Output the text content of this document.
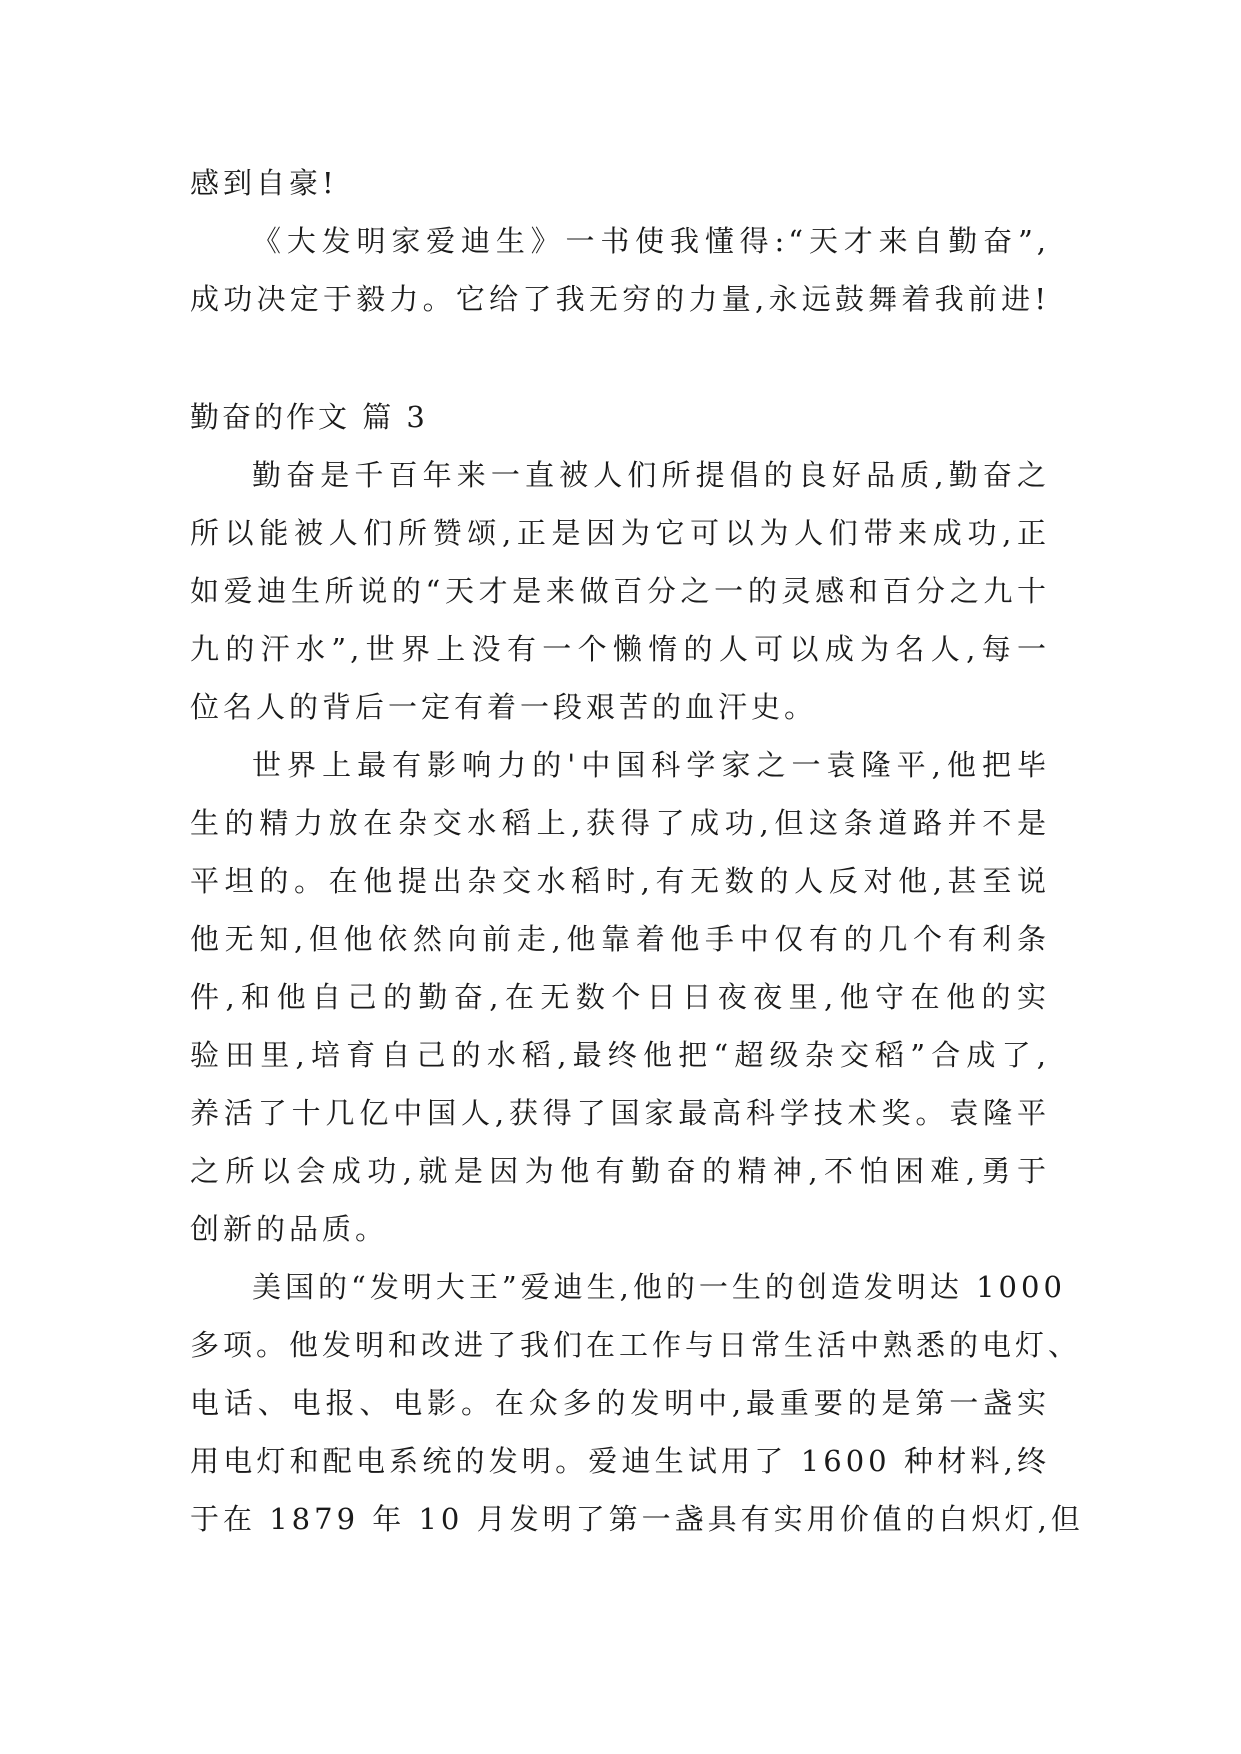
感到自豪!
《大发明家爱迪生》一书使我懂得:“天才来自勤奋”,
成功决定于毅力。它给了我无穷的力量,永远鼓舞着我前进!
勤奋的作文 篇 3
勤奋是千百年来一直被人们所提倡的良好品质,勤奋之
所以能被人们所赞颂,正是因为它可以为人们带来成功,正
如爱迪生所说的“天才是来做百分之一的灵感和百分之九十
九的汗水”,世界上没有一个懒惰的人可以成为名人,每一
位名人的背后一定有着一段艰苦的血汗史。
世界上最有影响力的'中国科学家之一袁隆平,他把毕
生的精力放在杂交水稻上,获得了成功,但这条道路并不是
平坦的。在他提出杂交水稻时,有无数的人反对他,甚至说
他无知,但他依然向前走,他靠着他手中仅有的几个有利条
件,和他自己的勤奋,在无数个日日夜夜里,他守在他的实
验田里,培育自己的水稻,最终他把“超级杂交稻”合成了,
养活了十几亿中国人,获得了国家最高科学技术奖。袁隆平
之所以会成功,就是因为他有勤奋的精神,不怕困难,勇于
创新的品质。
美国的“发明大王”爱迪生,他的一生的创造发明达 1000
多项。他发明和改进了我们在工作与日常生活中熟悉的电灯、
电话、电报、电影。在众多的发明中,最重要的是第一盏实
用电灯和配电系统的发明。爱迪生试用了 1600 种材料,终
于在 1879 年 10 月发明了第一盏具有实用价值的白炽灯,但
